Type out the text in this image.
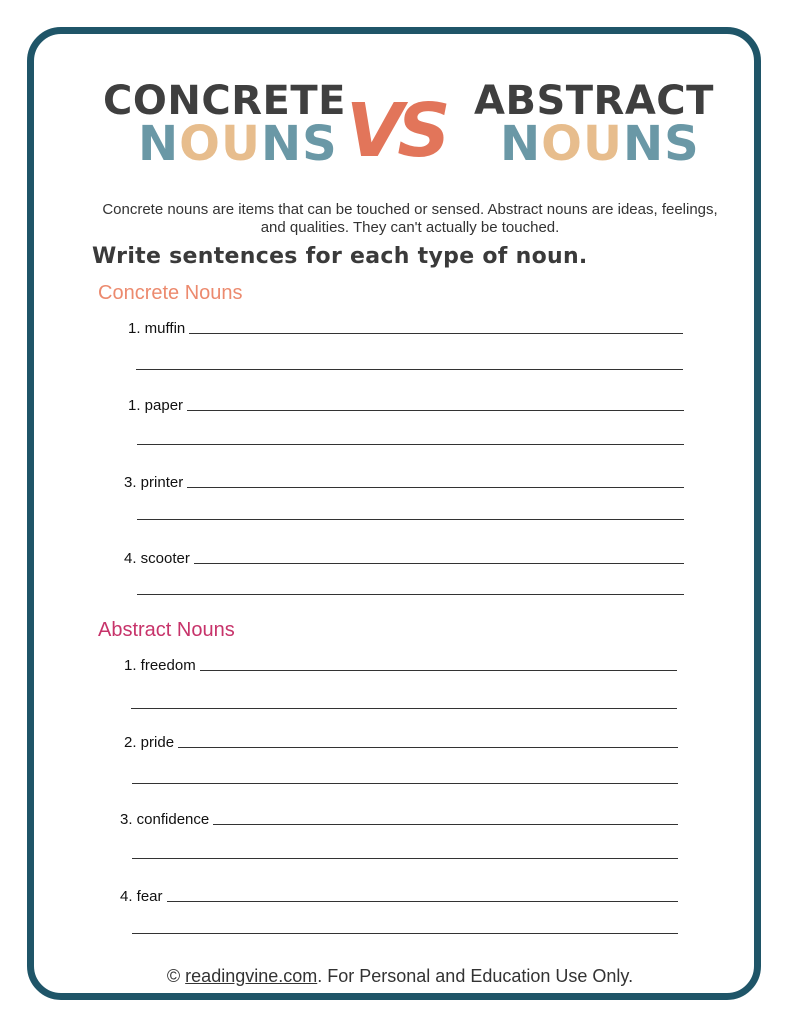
CONCRETE
NOUNS VS ABSTRACT
NOUNS
Concrete nouns are items that can be touched or sensed. Abstract nouns are ideas, feelings, and qualities. They can't actually be touched.
Write sentences for each type of noun.
Concrete Nouns
1. muffin
1. paper
3. printer
4. scooter
Abstract Nouns
1. freedom
2. pride
3. confidence
4. fear
© readingvine.com. For Personal and Education Use Only.
